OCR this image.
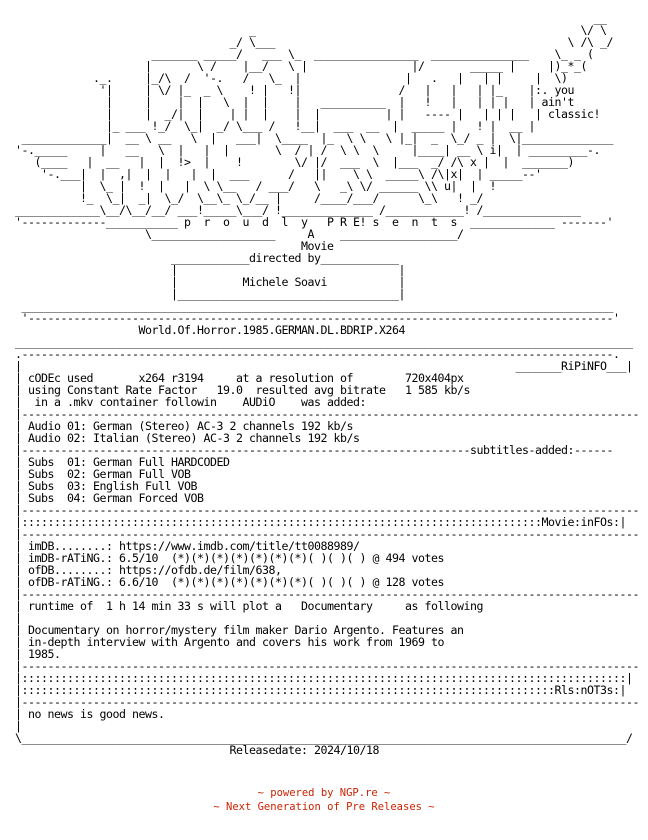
__
_                                                  \/ \
_/ \___                                             \ /\ _/
_______ _____/   ___ \_  ________________  _______________    \_ _ (
|       \ /    |__/   \ |                |/       _____ |     |)_*_(
._.     |_/\  /  '-.   /   \_  |                |   .   |   | |     |  \)
'|     | \/ |_  _ \    ! |   !|               /   |   |   | |_    |:. you
|     |    |  |   \  |  |    |   __________  |   !   |   | | |   | ain't
|     |  _/|  |    | |  |    |  |          | |   ---- |   | | |   | classic!
|_ ___ !_/  \_|  _/ \___ /   !__|  ___  __  |  _____ |   ! |  __ |
_____________|  __ \ __   \  |   ___|  \____  |_  \ \   \ |_|  _  \_/ _ |  \|______________
'-._____     |   __   \  |   |  |       \  / | /  \ \  \     |____| __ \ i|  | _________-.
(____   |  __   |  |  !>  |    !        \/ |/  ___  \  |___  _/ /\ x |  |  _______)
'-.___|  |  ,|  |  |   |  |  ___      /   ||    \ \  _____\ /\|x|  | _____--'
|  \_ |  !  |   |  \ \__   / ___/   \   _\ \/ ______ \\ u|  |  !
!_  \_|  _|  \_/  \__\_ \_/__ |     /____/___/      \_\   ! _/
_____________\__/\__/__/ ___!_____\___/ !______________ /____________! /_______________
'-------------___________ p  r  o  u  d  l  y   P R E! s  e  n  t  s  _____________ -------'
\___________________     A    __________________/
Movie
____________directed by____________
|                                  |
|          Michele Soavi           |
|__________________________________|
___________________________________________________________________________________________
'------------------------------------------------------------------------------------------'
World.Of.Horror.1985.GERMAN.DL.BDRIP.X264
_______________________________________________________________________________________________
.-------------------------------------------------------------------------------------------.
|                                                                            _______RiPiNFO___|
| cODEc used       x264 r3194     at a resolution of        720x404px
| using Constant Rate Factor   19.0  resulted avg bitrate   1 585 kb/s
|  in a .mkv container followin    AUDiO    was added:
|-----------------------------------------------------------------------------------------------
| Audio 01: German (Stereo) AC-3 2 channels 192 kb/s
| Audio 02: Italian (Stereo) AC-3 2 channels 192 kb/s
|---------------------------------------------------------------------subtitles-added:------
| Subs  01: German Full HARDCODED
| Subs  02: German Full VOB
| Subs  03: English Full VOB
| Subs  04: German Forced VOB
|-----------------------------------------------------------------------------------------------
|::::::::::::::::::::::::::::::::::::::::::::::::::::::::::::::::::::::::::::::::Movie:inFOs:|
|-----------------------------------------------------------------------------------------------
| imDB........: https://www.imdb.com/title/tt0088989/
| imDB-rATiNG.: 6.5/10  (*)(*)(*)(*)(*)(*)(*)( )( )( ) @ 494 votes
| ofDB........: https://ofdb.de/film/638,
| ofDB-rATiNG.: 6.6/10  (*)(*)(*)(*)(*)(*)(*)( )( )( ) @ 128 votes
|-----------------------------------------------------------------------------------------------
| runtime of  1 h 14 min 33 s will plot a   Documentary     as following
|
| Documentary on horror/mystery film maker Dario Argento. Features an
| in-depth interview with Argento and covers his work from 1969 to
| 1985.
|-----------------------------------------------------------------------------------------------
|:::::::::::::::::::::::::::::::::::::::::::::::::::::::::::::::::::::::::::::::::::::::::::::|
|::::::::::::::::::::::::::::::::::::::::::::::::::::::::::::::::::::::::::::::::::Rls:nOT3s:|
|-----------------------------------------------------------------------------------------------
| no news is good news.
|
\_____________________________________________________________________________________________/
Releasedate: 2024/10/18

~ powered by NGP.re ~
~ Next Generation of Pre Releases ~
